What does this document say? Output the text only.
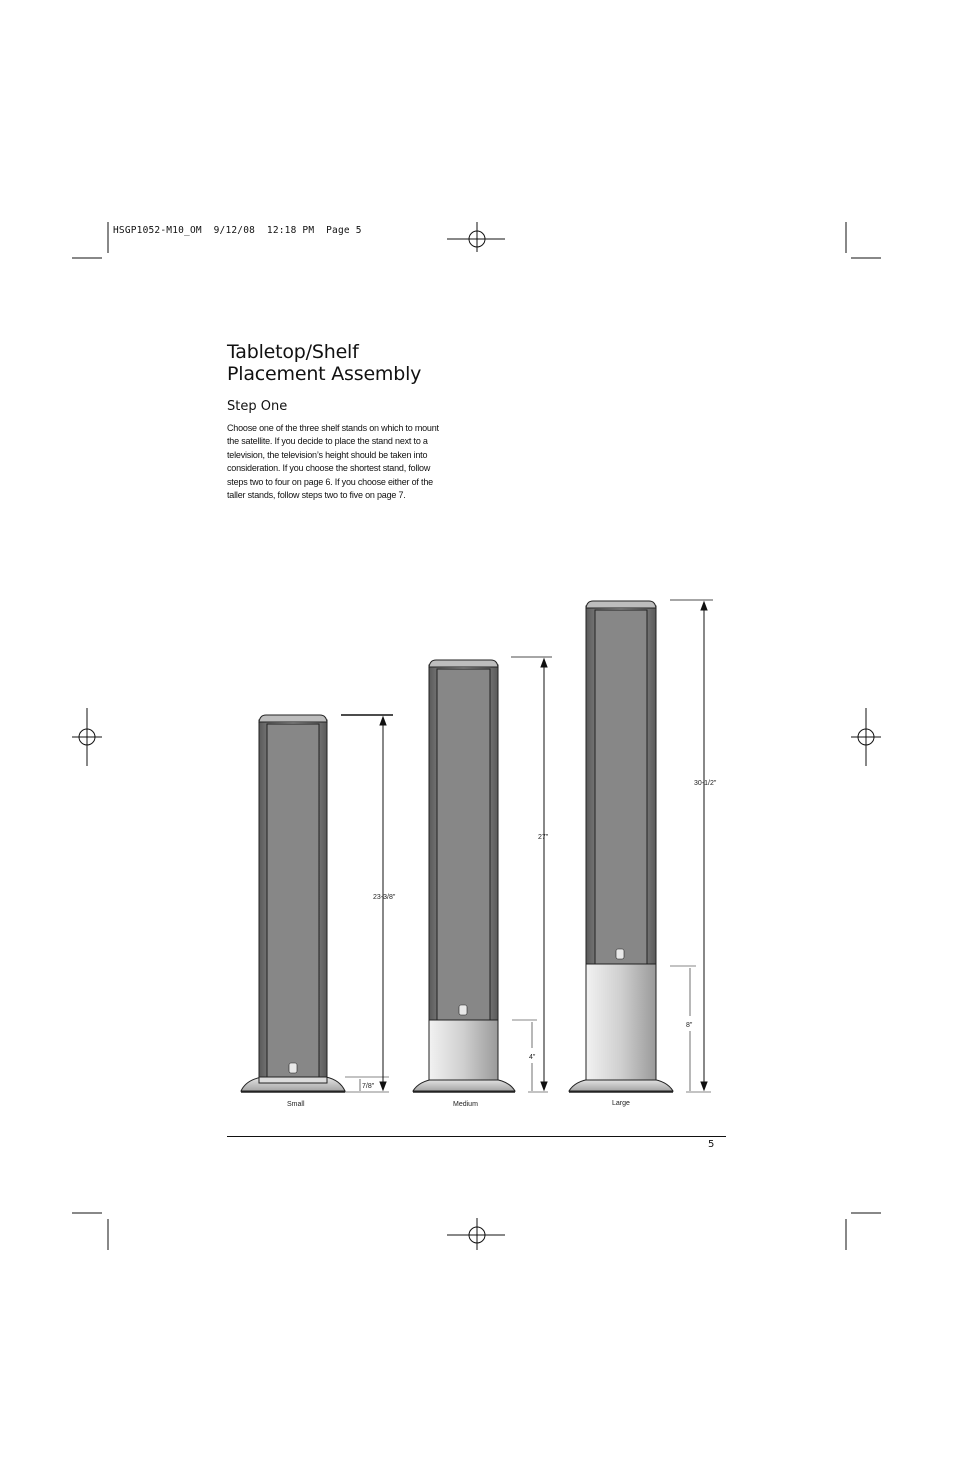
HSGP1052-M10_OM  9/12/08  12:18 PM  Page 5
Tabletop/Shelf
Placement Assembly
Step One

Choose one of the three shelf stands on which to mount
the satellite. If you decide to place the stand next to a
television, the television’s height should be taken into
consideration. If you choose the shortest stand, follow
steps two to four on page 6. If you choose either of the
taller stands, follow steps two to five on page 7.

23-3/8"
7/8"
Small
27"
4"
Medium
30-1/2"
8"
Large
5
